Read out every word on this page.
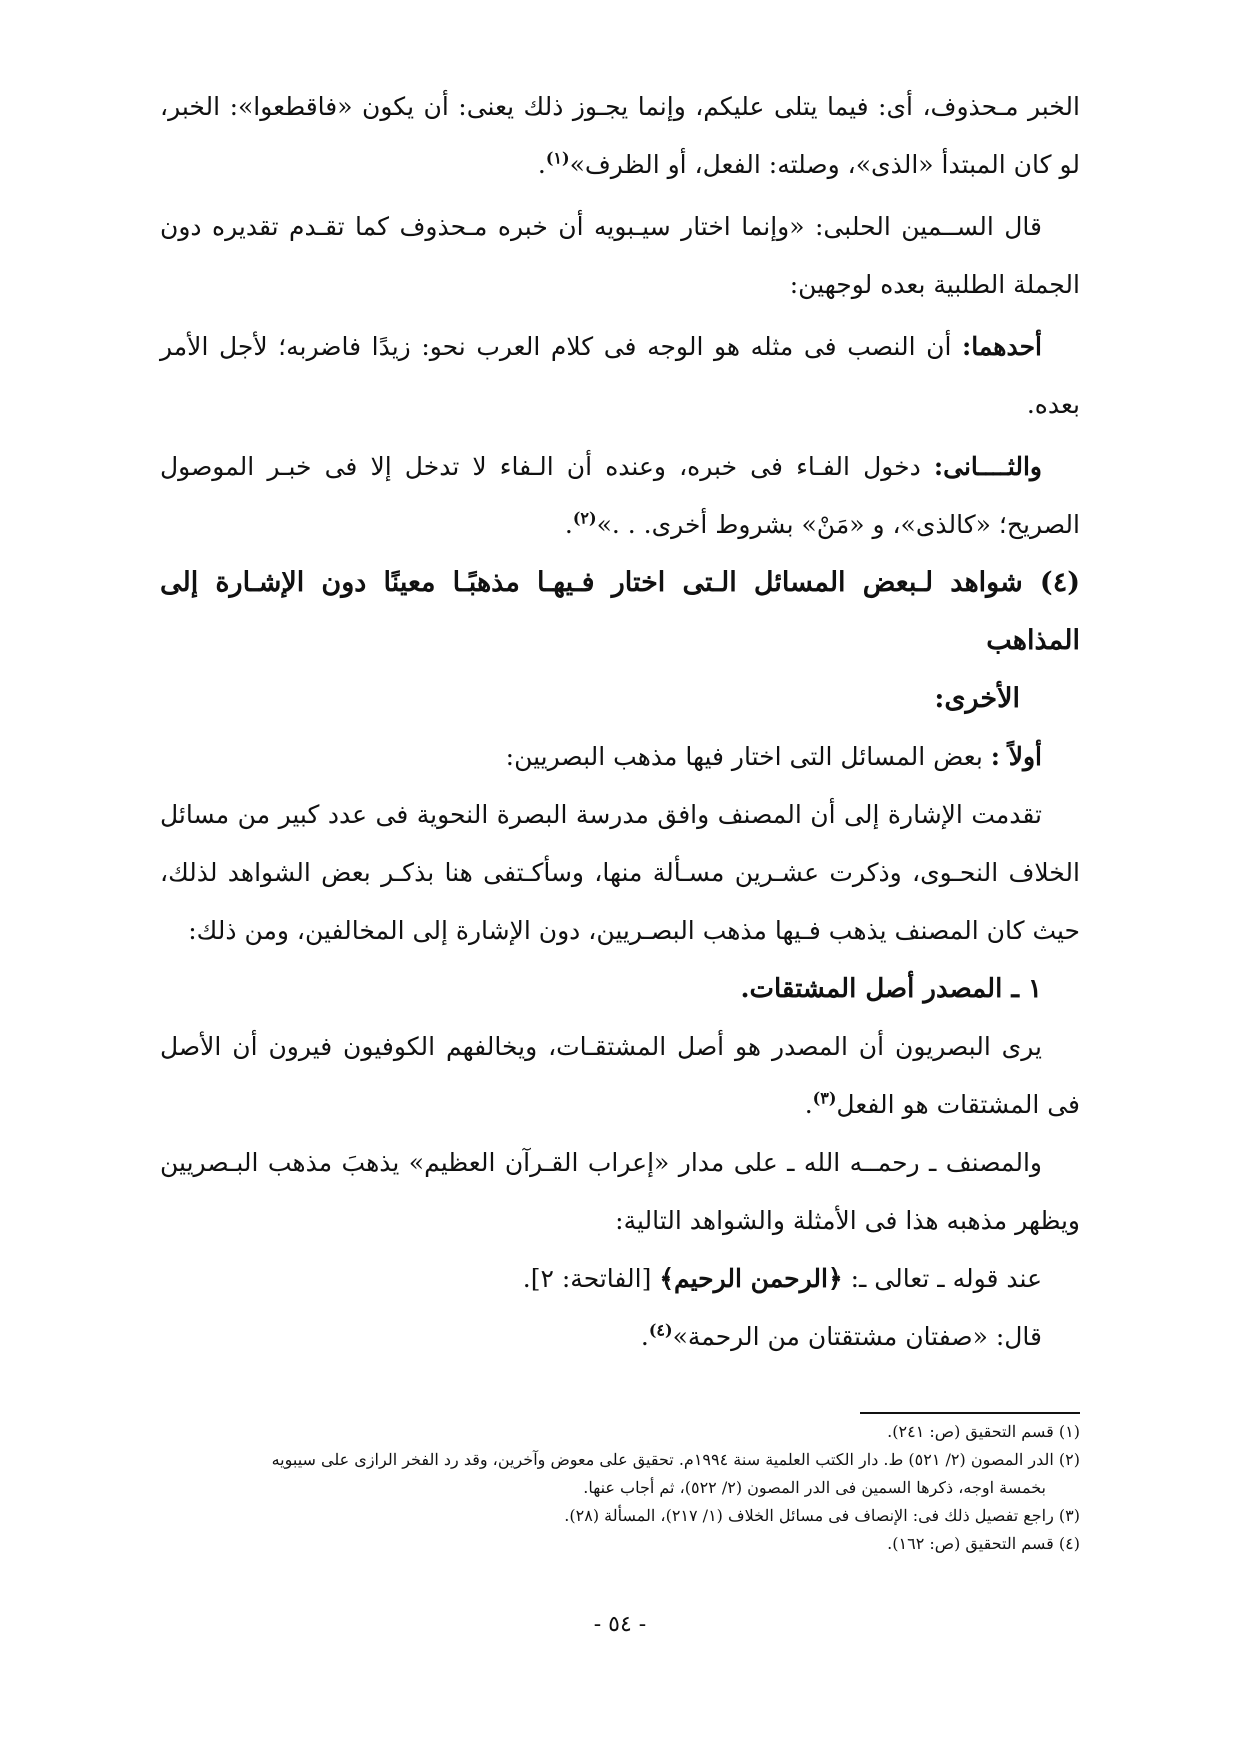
الخبر مـحذوف، أى: فيما يتلى عليكم، وإنما يجـوز ذلك يعنى: أن يكون «فاقطعوا»: الخبر، لو كان المبتدأ «الذى»، وصلته: الفعل، أو الظرف»$^{(١)}$.

قال الســمين الحلبى: «وإنما اختار سيـبويه أن خبره مـحذوف كما تقـدم تقديره دون الجملة الطلبية بعده لوجهين:

أحدهما: أن النصب فى مثله هو الوجه فى كلام العرب نحو: زيدًا فاضربه؛ لأجل الأمر بعده.

والثــــانى: دخول الفـاء فى خبره، وعنده أن الـفاء لا تدخل إلا فى خبـر الموصول الصريح؛ «كالذى»، و «مَنْ» بشروط أخرى. . .»$^{(٢)}$.

(٤) شواهد لـبعض المسائل الـتى اختار فـيهـا مذهبًـا معينًا دون الإشـارة إلى المذاهب
الأخرى:

أولاً : بعض المسائل التى اختار فيها مذهب البصريين:

تقدمت الإشارة إلى أن المصنف وافق مدرسة البصرة النحوية فى عدد كبير من مسائل الخلاف النحـوى، وذكرت عشـرين مسـألة منها، وسأكـتفى هنا بذكـر بعض الشواهد لذلك، حيث كان المصنف يذهب فـيها مذهب البصـريين، دون الإشارة إلى المخالفين، ومن ذلك:

١ ـ المصدر أصل المشتقات.

يرى البصريون أن المصدر هو أصل المشتقـات، ويخالفهم الكوفيون فيرون أن الأصل فى المشتقات هو الفعل$^{(٣)}$.

والمصنف ـ رحمــه الله ـ على مدار «إعراب القـرآن العظيم» يذهبَ مذهب البـصريين ويظهر مذهبه هذا فى الأمثلة والشواهد التالية:

عند قوله ـ تعالى ـ: ﴿الرحمن الرحيم﴾ [الفاتحة: ٢].

قال: «صفتان مشتقتان من الرحمة»$^{(٤)}$.

(١) قسم التحقيق (ص: ٢٤١).

(٢) الدر المصون (٢/ ٥٢١) ط. دار الكتب العلمية سنة ١٩٩٤م. تحقيق على معوض وآخرين، وقد رد الفخر الرازى على سيبويه

بخمسة اوجه، ذكرها السمين فى الدر المصون (٢/ ٥٢٢)، ثم أجاب عنها.

(٣) راجع تفصيل ذلك فى: الإنصاف فى مسائل الخلاف (١/ ٢١٧)، المسألة (٢٨).

(٤) قسم التحقيق (ص: ١٦٢).

- ٥٤ -
